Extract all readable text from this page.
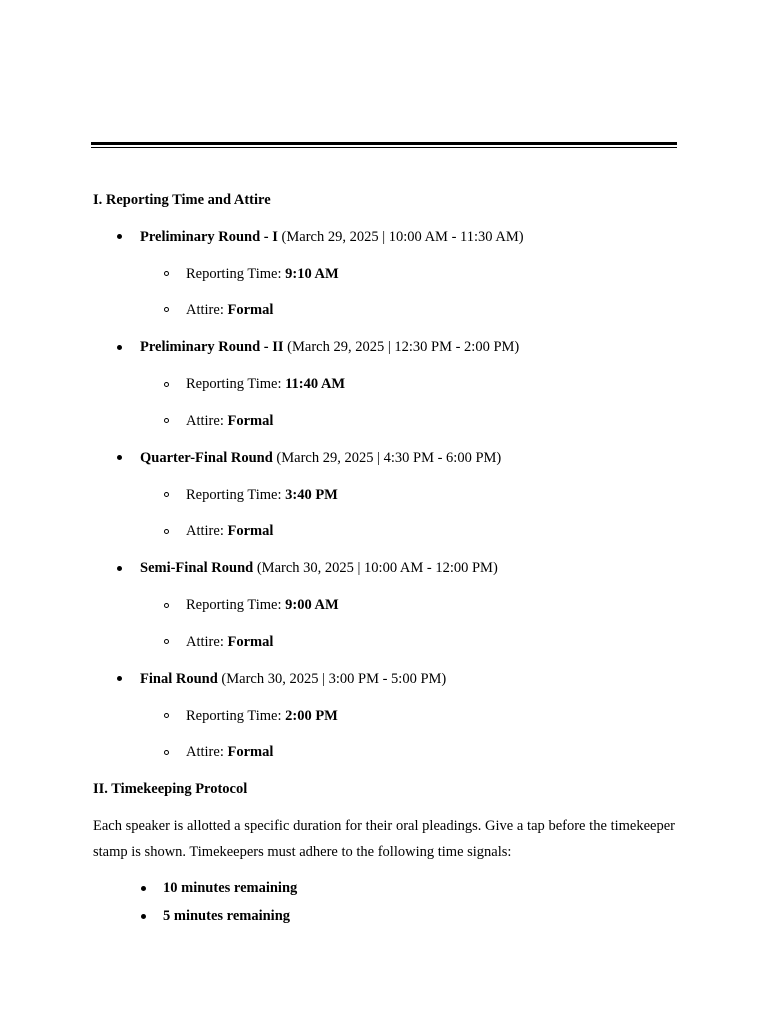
I. Reporting Time and Attire
Preliminary Round - I (March 29, 2025 | 10:00 AM - 11:30 AM)
Reporting Time: 9:10 AM
Attire: Formal
Preliminary Round - II (March 29, 2025 | 12:30 PM - 2:00 PM)
Reporting Time: 11:40 AM
Attire: Formal
Quarter-Final Round (March 29, 2025 | 4:30 PM - 6:00 PM)
Reporting Time: 3:40 PM
Attire: Formal
Semi-Final Round (March 30, 2025 | 10:00 AM - 12:00 PM)
Reporting Time: 9:00 AM
Attire: Formal
Final Round (March 30, 2025 | 3:00 PM - 5:00 PM)
Reporting Time: 2:00 PM
Attire: Formal
II. Timekeeping Protocol
Each speaker is allotted a specific duration for their oral pleadings. Give a tap before the timekeeper stamp is shown. Timekeepers must adhere to the following time signals:
10 minutes remaining
5 minutes remaining
